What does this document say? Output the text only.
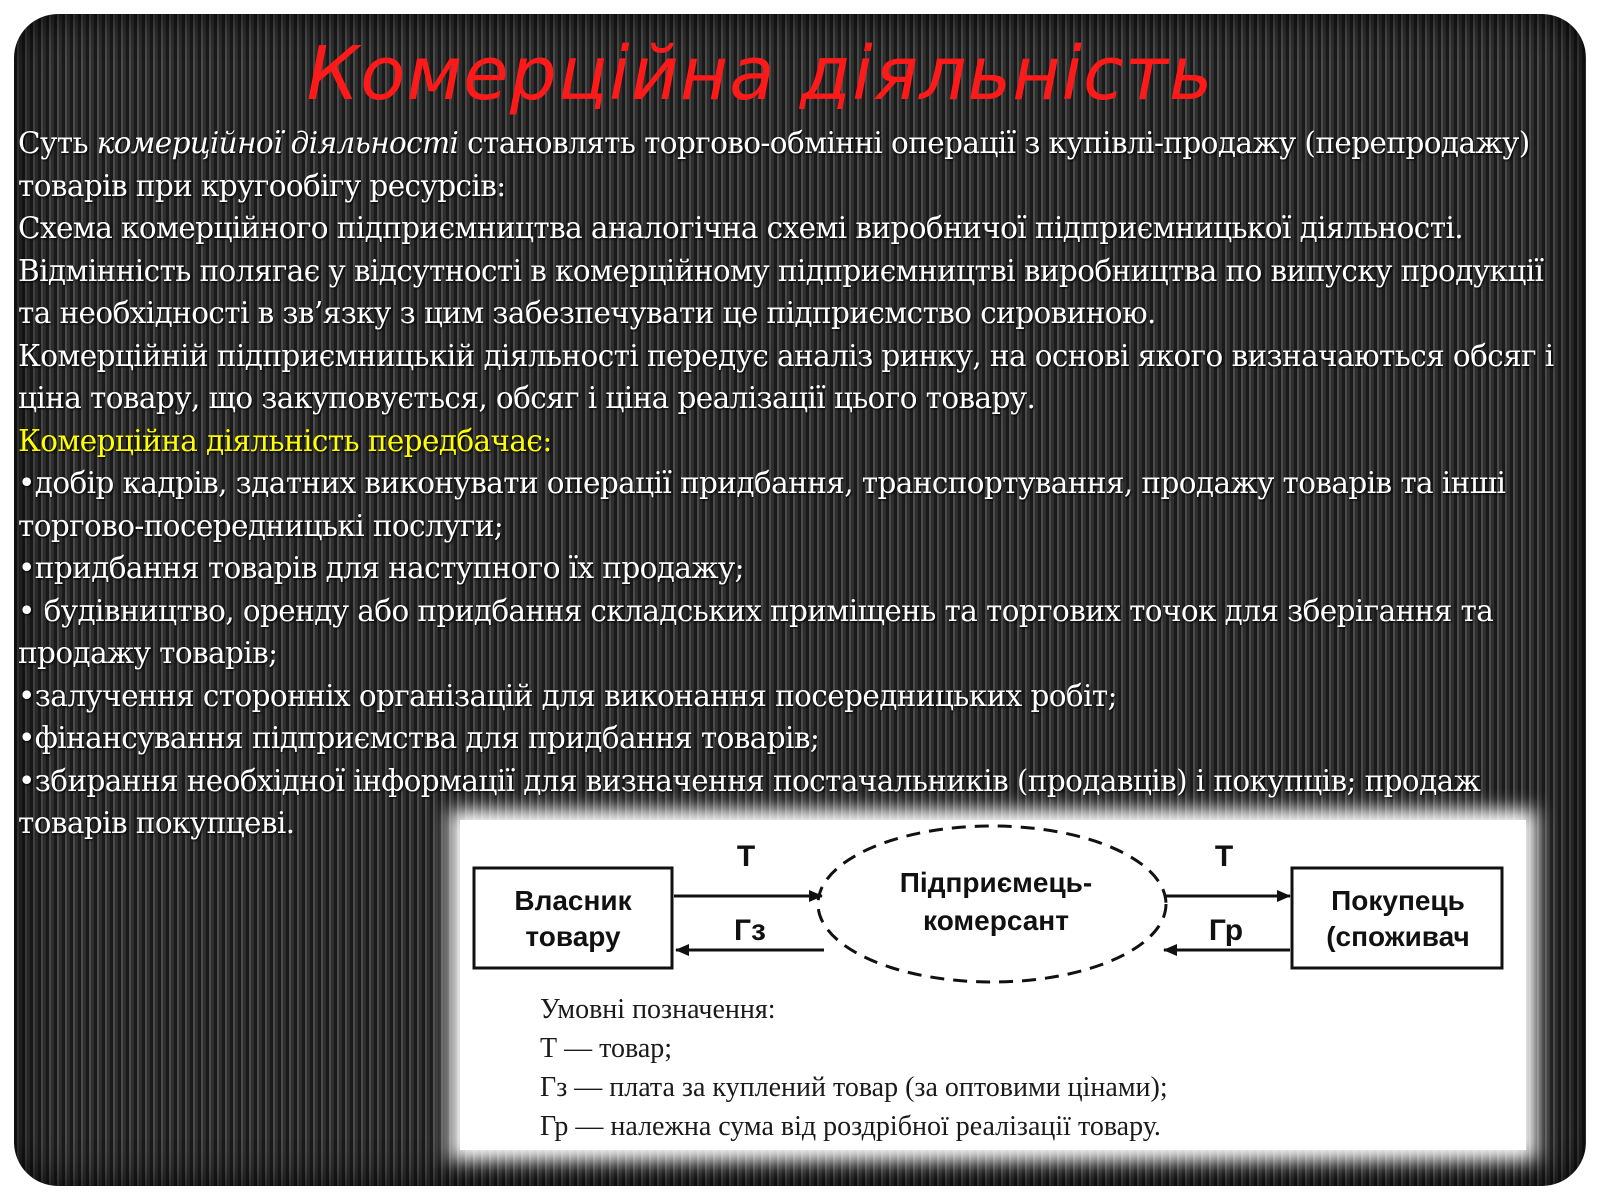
Комерційна діяльність

Суть комерційної діяльності становлять торгово-обмінні операції з купівлі-продажу (перепродажу) товарів при кругообігу ресурсів:

Схема комерційного підприємництва аналогічна схемі виробничої підприємницької діяльності. Відмінність полягає у відсутності в комерційному підприємництві виробництва по випуску продукції та необхідності в зв’язку з цим забезпечувати це підприємство сировиною.

Комерційній підприємницькій діяльності передує аналіз ринку, на основі якого визначаються обсяг і ціна товару, що закуповується, обсяг і ціна реалізації цього товару.

Комерційна діяльність передбачає:

•добір кадрів, здатних виконувати операції придбання, транспортування, продажу товарів та інші торгово-посередницькі послуги;

•придбання товарів для наступного їх продажу;

• будівництво, оренду або придбання складських приміщень та торгових точок для зберігання та продажу товарів;

•залучення сторонніх організацій для виконання посередницьких робіт;

•фінансування підприємства для придбання товарів;

•збирання необхідної інформації для визначення постачальників (продавців) і покупців; продаж товарів покупцеві.

Власник
товару
Підприємець-
комерсант
Покупець
(споживач
Т
Гз
Т
Гр
Умовні позначення:
Т — товар;
Гз — плата за куплений товар (за оптовими цінами);
Гр — належна сума від роздрібної реалізації товару.
